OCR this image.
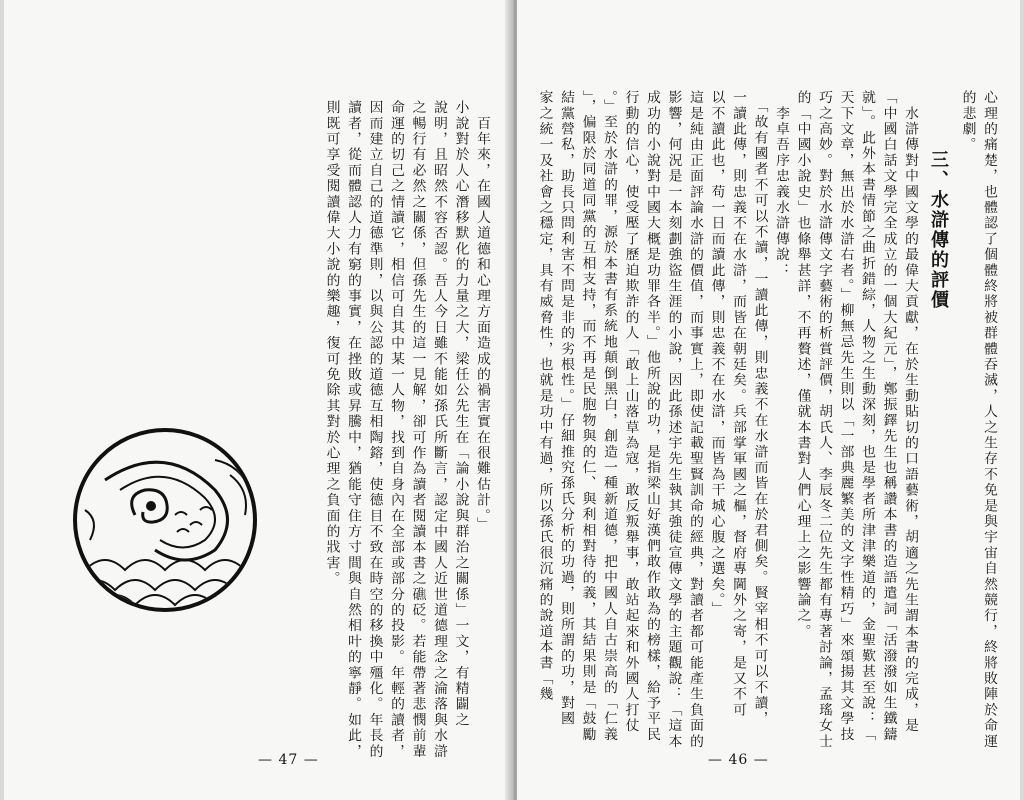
　百年來，在國人道德和心理方面造成的禍害實在很難估計。」

小說對於人心潛移默化的力量之大，梁任公先生在「論小說與群治之關係」一文，有精闢之

說明，且昭然不容否認。吾人今日雖不能如孫氏所斷言，認定中國人近世道德理念之淪落與水滸

之暢行有必然之關係，但孫先生的這一見解，卻可作為讀者閱讀本書之礁砭。若能帶著悲憫前輩

命運的切己之情讀它，相信可自其中某一人物，找到自身內在全部或部分的投影。年輕的讀者，

因而建立自己的道德準則，以與公認的道德互相陶鎔，使德目不致在時空的移換中殭化。年長的

讀者，從而體認人力有窮的事實，在挫敗或昇騰中，猶能守住方寸間與自然相叶的寧靜。如此，

則既可享受閱讀偉大小說的樂趣，復可免除其對於心理之負面的戕害。

— 47 —

心理的痛楚，也體認了個體終將被群體吞滅，人之生存不免是與宇宙自然競行，終將敗陣於命運

的悲劇。

三、水滸傳的評價

　水滸傳對中國文學的最偉大貢獻，在於生動貼切的口語藝術，胡適之先生謂本書的完成，是

「中國白話文學完全成立的一個大紀元」，鄭振鐸先生也稱讚本書的造語遣詞「活潑潑如生鐵鑄

就」。此外本書情節之曲折錯綜，人物之生動深刻，也是學者所津津樂道的，金聖歎甚至說：「

天下文章，無出於水滸右者。」柳無忌先生則以「一部典麗繁美的文字性精巧」來頌揚其文學技

巧之高妙。對於水滸傳文字藝術的析賞評價，胡氏人、李辰冬二位先生都有專著討論，孟瑤女士

的「中國小說史」也條舉甚詳，不再贅述，僅就本書對人們心理上之影響論之。

　李卓吾序忠義水滸傳說：

　「故有國者不可以不讀，一讀此傳，則忠義不在水滸而皆在於君側矣。賢宰相不可以不讀，

一讀此傳，則忠義不在水滸，而皆在朝廷矣。兵部掌軍國之樞，督府專閫外之寄，是又不可

以不讀此也，苟一日而讀此傳，則忠義不在水滸，而皆為干城心腹之選矣。」

這是純由正面評論水滸的價值，而事實上，即使記載聖賢訓命的經典，對讀者都可能產生負面的

影響，何況是一本刻劃強盜生涯的小說，因此孫述宇先生執其強徒宣傳文學的主題觀說：「這本

成功的小說對中國大概是功罪各半。」他所說的功，是指梁山好漢們敢作敢為的榜樣，給予平民

行動的信心，使受壓了歷迫欺詐的人「敢上山落草為寇，敢反叛舉事，敢站起來和外國人打仗

。」至於水滸的罪，源於本書有系統地顛倒黑白，創造一種新道德，把中國人自古崇高的「仁義

」，偏限於同道同黨的互相支持，而不再是民胞物與的仁、與利相對待的義，其結果則是「鼓勵

結黨營私，助長只問利害不問是非的劣根性。」仔細推究孫氏分析的功過，則所謂的功，對國

家之統一及社會之穩定，具有威脅性，也就是功中有過，所以孫氏很沉痛的說道本書「幾

— 46 —
